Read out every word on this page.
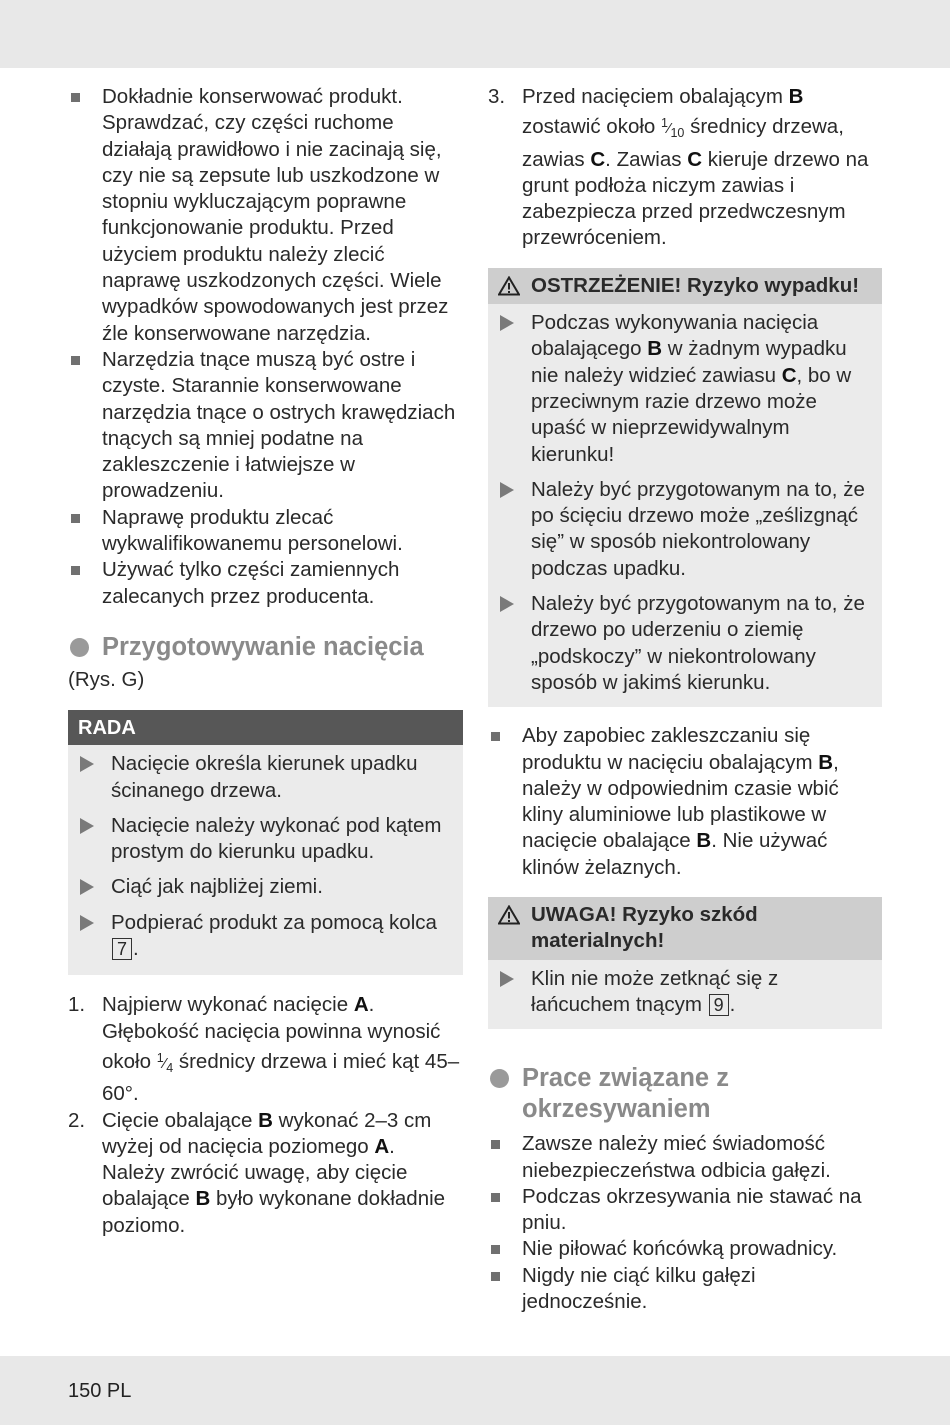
Dokładnie konserwować produkt. Sprawdzać, czy części ruchome działają prawidłowo i nie zacinają się, czy nie są zepsute lub uszkodzone w stopniu wykluczającym poprawne funkcjonowanie produktu. Przed użyciem produktu należy zlecić naprawę uszkodzonych części. Wiele wypadków spowodowanych jest przez źle konserwowane narzędzia.
Narzędzia tnące muszą być ostre i czyste. Starannie konserwowane narzędzia tnące o ostrych krawędziach tnących są mniej podatne na zakleszczenie i łatwiejsze w prowadzeniu.
Naprawę produktu zlecać wykwalifikowanemu personelowi.
Używać tylko części zamiennych zalecanych przez producenta.
Przygotowywanie nacięcia
(Rys. G)
RADA
Nacięcie określa kierunek upadku ścinanego drzewa.
Nacięcie należy wykonać pod kątem prostym do kierunku upadku.
Ciąć jak najbliżej ziemi.
Podpierać produkt za pomocą kolca 7 .
1. Najpierw wykonać nacięcie A. Głębokość nacięcia powinna wynosić około $^1⁄_4$ średnicy drzewa i mieć kąt 45–60°.
2. Cięcie obalające B wykonać 2–3 cm wyżej od nacięcia poziomego A. Należy zwrócić uwagę, aby cięcie obalające B było wykonane dokładnie poziomo.
3. Przed nacięciem obalającym B zostawić około $^1⁄_{10}$ średnicy drzewa, zawias C. Zawias C kieruje drzewo na grunt podłoża niczym zawias i zabezpiecza przed przedwczesnym przewróceniem.
OSTRZEŻENIE! Ryzyko wypadku!
Podczas wykonywania nacięcia obalającego B w żadnym wypadku nie należy widzieć zawiasu C, bo w przeciwnym razie drzewo może upaść w nieprzewidywalnym kierunku!
Należy być przygotowanym na to, że po ścięciu drzewo może „ześlizgnąć się” w sposób niekontrolowany podczas upadku.
Należy być przygotowanym na to, że drzewo po uderzeniu o ziemię „podskoczy” w niekontrolowany sposób w jakimś kierunku.
Aby zapobiec zakleszczaniu się produktu w nacięciu obalającym B, należy w odpowiednim czasie wbić kliny aluminiowe lub plastikowe w nacięcie obalające B. Nie używać klinów żelaznych.
UWAGA! Ryzyko szkód materialnych!
Klin nie może zetknąć się z łańcuchem tnącym 9 .
Prace związane z okrzesywaniem
Zawsze należy mieć świadomość niebezpieczeństwa odbicia gałęzi.
Podczas okrzesywania nie stawać na pniu.
Nie piłować końcówką prowadnicy.
Nigdy nie ciąć kilku gałęzi jednocześnie.
150 PL
